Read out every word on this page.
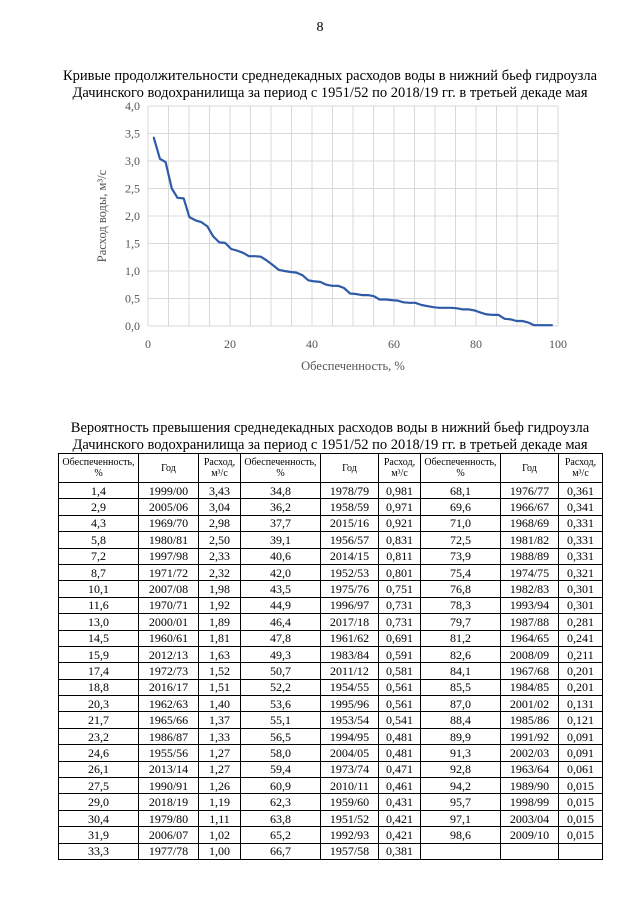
8
Кривые продолжительности среднедекадных расходов воды в нижний бьеф гидроузла
Дачинского водохранилища за период с 1951/52 по 2018/19 гг. в третьей декаде мая
0,0
0,5
1,0
1,5
2,0
2,5
3,0
3,5
4,0
0	20	40	60	80	100
Обеспеченность, %
Расход воды, м³/с
Вероятность превышения среднедекадных расходов воды в нижний бьеф гидроузла
Дачинского водохранилища за период с 1951/52 по 2018/19 гг. в третьей декаде мая
Обеспеченность, %	Год	Расход,
м³/с	Обеспеченность, %	Год	Расход,
м³/с	Обеспеченность, %	Год	Расход,
м³/с
1,4	1999/00	3,43	34,8	1978/79	0,981	68,1	1976/77	0,361
2,9	2005/06	3,04	36,2	1958/59	0,971	69,6	1966/67	0,341
4,3	1969/70	2,98	37,7	2015/16	0,921	71,0	1968/69	0,331
5,8	1980/81	2,50	39,1	1956/57	0,831	72,5	1981/82	0,331
7,2	1997/98	2,33	40,6	2014/15	0,811	73,9	1988/89	0,331
8,7	1971/72	2,32	42,0	1952/53	0,801	75,4	1974/75	0,321
10,1	2007/08	1,98	43,5	1975/76	0,751	76,8	1982/83	0,301
11,6	1970/71	1,92	44,9	1996/97	0,731	78,3	1993/94	0,301
13,0	2000/01	1,89	46,4	2017/18	0,731	79,7	1987/88	0,281
14,5	1960/61	1,81	47,8	1961/62	0,691	81,2	1964/65	0,241
15,9	2012/13	1,63	49,3	1983/84	0,591	82,6	2008/09	0,211
17,4	1972/73	1,52	50,7	2011/12	0,581	84,1	1967/68	0,201
18,8	2016/17	1,51	52,2	1954/55	0,561	85,5	1984/85	0,201
20,3	1962/63	1,40	53,6	1995/96	0,561	87,0	2001/02	0,131
21,7	1965/66	1,37	55,1	1953/54	0,541	88,4	1985/86	0,121
23,2	1986/87	1,33	56,5	1994/95	0,481	89,9	1991/92	0,091
24,6	1955/56	1,27	58,0	2004/05	0,481	91,3	2002/03	0,091
26,1	2013/14	1,27	59,4	1973/74	0,471	92,8	1963/64	0,061
27,5	1990/91	1,26	60,9	2010/11	0,461	94,2	1989/90	0,015
29,0	2018/19	1,19	62,3	1959/60	0,431	95,7	1998/99	0,015
30,4	1979/80	1,11	63,8	1951/52	0,421	97,1	2003/04	0,015
31,9	2006/07	1,02	65,2	1992/93	0,421	98,6	2009/10	0,015
33,3	1977/78	1,00	66,7	1957/58	0,381			
